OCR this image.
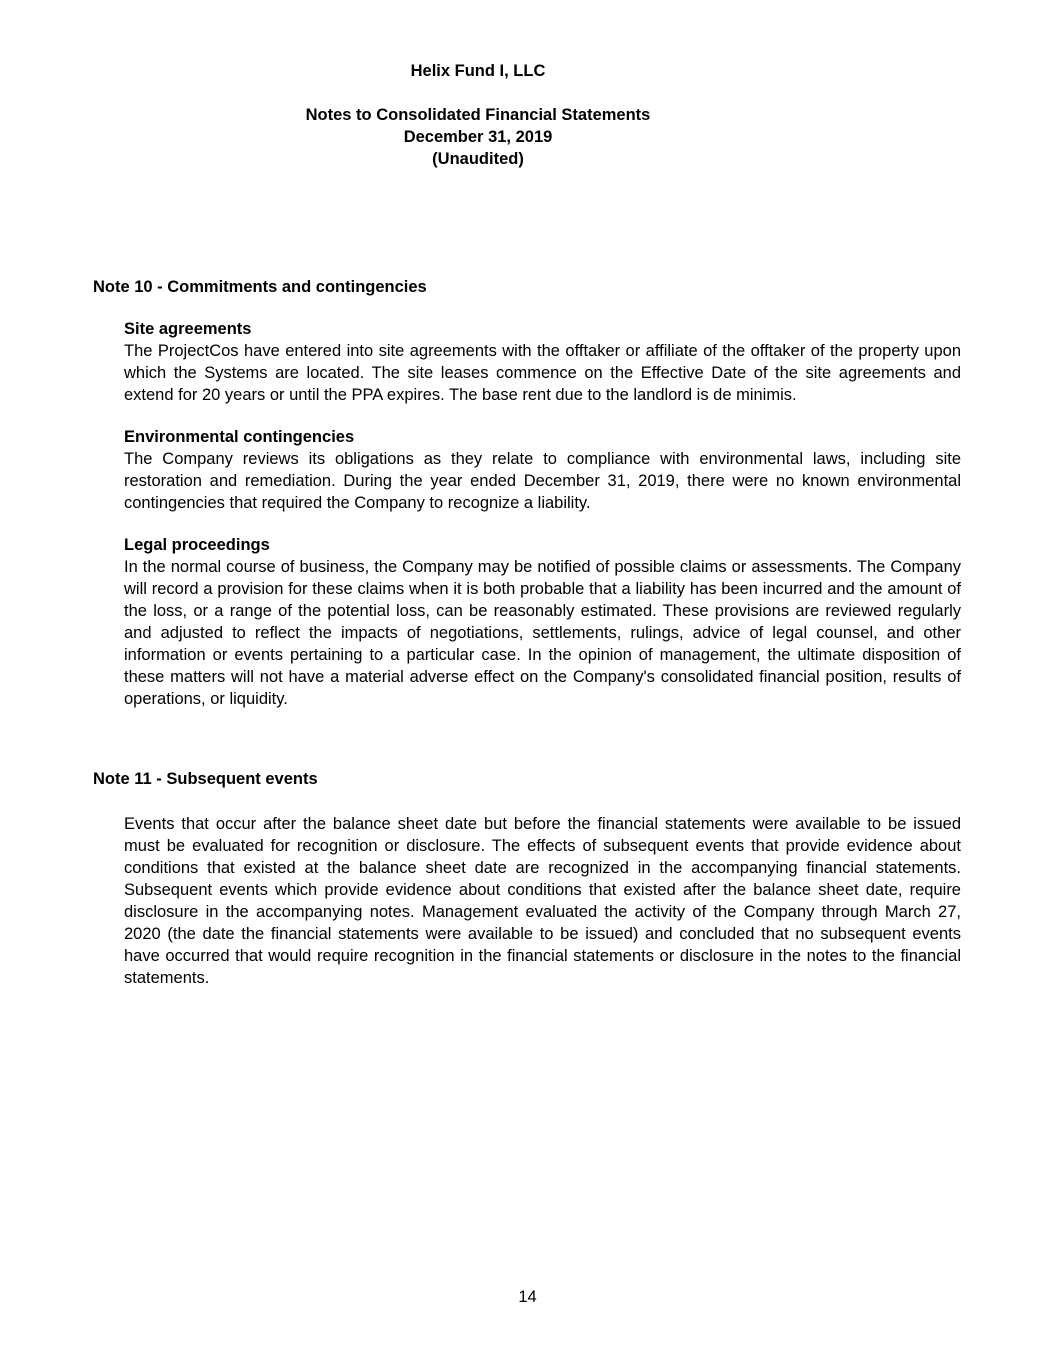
Helix Fund I, LLC
Notes to Consolidated Financial Statements
December 31, 2019
(Unaudited)
Note 10 - Commitments and contingencies
Site agreements

The ProjectCos have entered into site agreements with the offtaker or affiliate of the offtaker of the property upon which the Systems are located. The site leases commence on the Effective Date of the site agreements and extend for 20 years or until the PPA expires. The base rent due to the landlord is de minimis.

Environmental contingencies

The Company reviews its obligations as they relate to compliance with environmental laws, including site restoration and remediation. During the year ended December 31, 2019, there were no known environmental contingencies that required the Company to recognize a liability.

Legal proceedings

In the normal course of business, the Company may be notified of possible claims or assessments. The Company will record a provision for these claims when it is both probable that a liability has been incurred and the amount of the loss, or a range of the potential loss, can be reasonably estimated. These provisions are reviewed regularly and adjusted to reflect the impacts of negotiations, settlements, rulings, advice of legal counsel, and other information or events pertaining to a particular case. In the opinion of management, the ultimate disposition of these matters will not have a material adverse effect on the Company's consolidated financial position, results of operations, or liquidity.

Note 11 - Subsequent events

Events that occur after the balance sheet date but before the financial statements were available to be issued must be evaluated for recognition or disclosure. The effects of subsequent events that provide evidence about conditions that existed at the balance sheet date are recognized in the accompanying financial statements. Subsequent events which provide evidence about conditions that existed after the balance sheet date, require disclosure in the accompanying notes. Management evaluated the activity of the Company through March 27, 2020 (the date the financial statements were available to be issued) and concluded that no subsequent events have occurred that would require recognition in the financial statements or disclosure in the notes to the financial statements.

14
